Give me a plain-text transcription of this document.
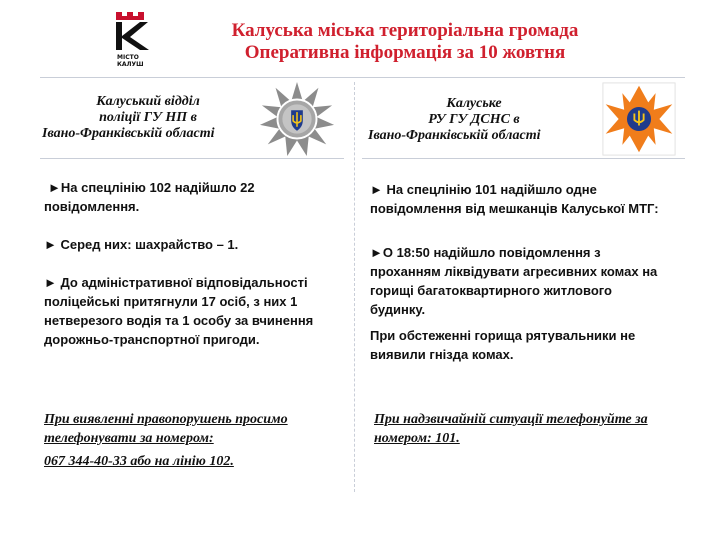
МІСТО
КАЛУШ
Калуська міська територіальна громада
Оперативна інформація за 10 жовтня
Калуський відділ
поліції ГУ НП в
Івано-Франківській області
Калуське
РУ ГУ ДСНС в
Івано-Франківській області

►На спецлінію 102 надійшло 22 повідомлення.

► Серед них: шахрайство – 1.

► До адміністративної відповідальності поліцейські притягнули 17 осіб, з них 1 нетверезого водія та 1 особу за вчинення дорожньо-транспортної пригоди.

При виявленні правопорушень просимо телефонувати за номером:

067 344-40-33 або на лінію 102.

► На спецлінію 101 надійшло одне повідомлення від мешканців Калуської МТГ:

►О 18:50 надійшло повідомлення з проханням ліквідувати агресивних комах на горищі багатоквартирного житлового будинку.

При обстеженні горища рятувальники не виявили гнізда комах.

При надзвичайній ситуації телефонуйте за номером: 101.
